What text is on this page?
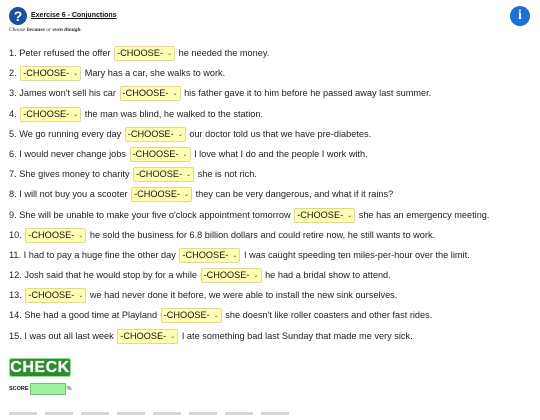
?	Exercise 6 - Conjunctions
Choose because or even though.
i
1. Peter refused the offer -CHOOSE- ⌄ he needed the money.
2. -CHOOSE- ⌄ Mary has a car, she walks to work.
3. James won't sell his car -CHOOSE- ⌄ his father gave it to him before he passed away last summer.
4. -CHOOSE- ⌄ the man was blind, he walked to the station.
5. We go running every day -CHOOSE- ⌄ our doctor told us that we have pre-diabetes.
6. I would never change jobs -CHOOSE- ⌄ I love what I do and the people I work with.
7. She gives money to charity -CHOOSE- ⌄ she is not rich.
8. I will not buy you a scooter -CHOOSE- ⌄ they can be very dangerous, and what if it rains?
9. She will be unable to make your five o'clock appointment tomorrow -CHOOSE- ⌄ she has an emergency meeting.
10. -CHOOSE- ⌄ he sold the business for 6.8 billion dollars and could retire now, he still wants to work.
11. I had to pay a huge fine the other day -CHOOSE- ⌄ I was caught speeding ten miles-per-hour over the limit.
12. Josh said that he would stop by for a while -CHOOSE- ⌄ he had a bridal show to attend.
13. -CHOOSE- ⌄ we had never done it before, we were able to install the new sink ourselves.
14. She had a good time at Playland -CHOOSE- ⌄ she doesn't like roller coasters and other fast rides.
15. I was out all last week -CHOOSE- ⌄ I ate something bad last Sunday that made me very sick.
CHECK
SCORE	%
